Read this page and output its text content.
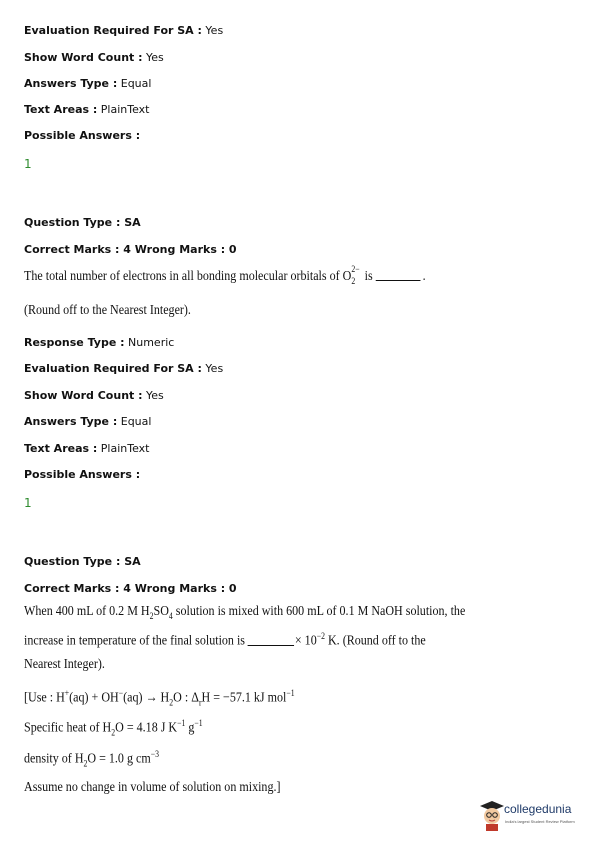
Evaluation Required For SA : Yes
Show Word Count : Yes
Answers Type : Equal
Text Areas : PlainText
Possible Answers :
1
Question Type : SA
Correct Marks : 4 Wrong Marks : 0
The total number of electrons in all bonding molecular orbitals of O
2−
2 is	.
(Round off to the Nearest Integer).
Response Type : Numeric
Evaluation Required For SA : Yes
Show Word Count : Yes
Answers Type : Equal
Text Areas : PlainText
Possible Answers :
1
Question Type : SA
Correct Marks : 4 Wrong Marks : 0
When 400 mL of 0.2 M $H_2SO_4$ solution is mixed with 600 mL of 0.1 M NaOH solution, the
increase in temperature of the final solution is	× $10^{-2}$ K. (Round off to the
Nearest Integer).
[Use : $H^+(aq) + OH^-(aq) \to H_2O$ : $\Delta_rH = -57.1$ kJ mol$^{-1}$
Specific heat of $H_2O = 4.18$ J $K^{-1}$ $g^{-1}$
density of $H_2O = 1.0$ g $cm^{-3}$
Assume no change in volume of solution on mixing.]
collegedunia
India's largest Student Review Platform
